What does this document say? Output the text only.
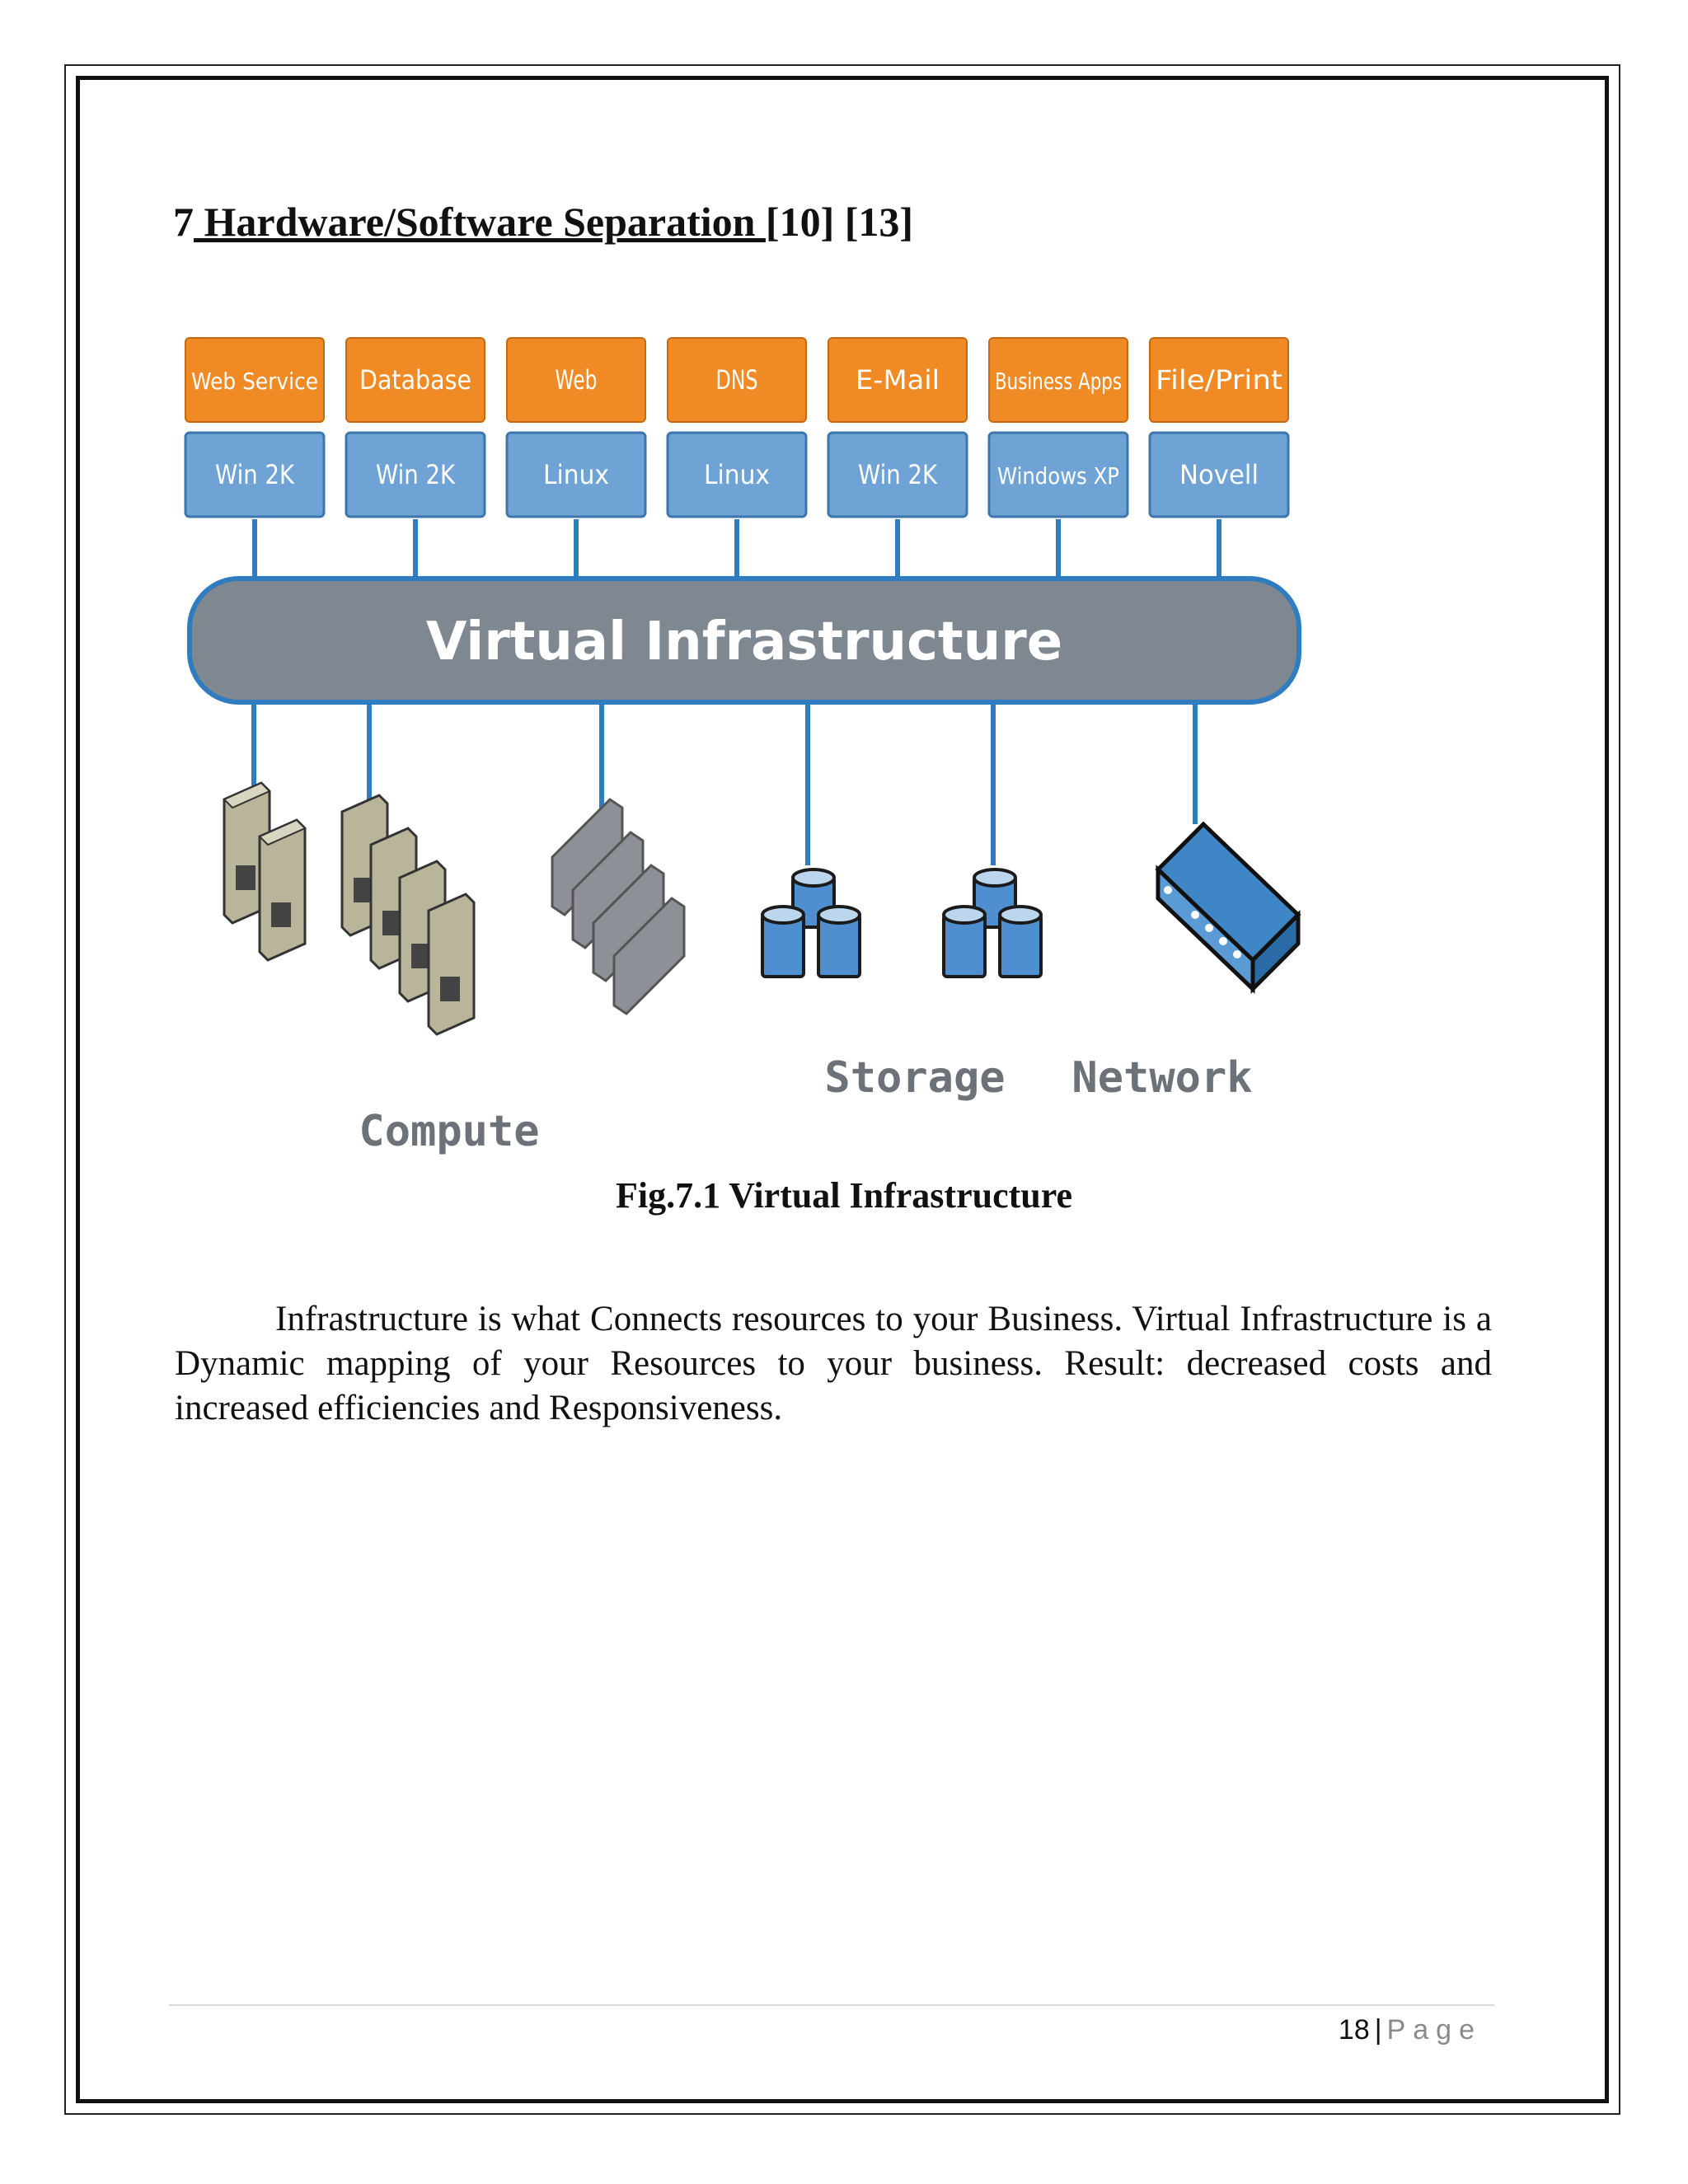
7 Hardware/Software Separation [10] [13]
Web Service
Win 2K
Database
Win 2K
Web
Linux
DNS
Linux
E-Mail
Win 2K
Business Apps
Windows XP
File/Print
Novell
Virtual Infrastructure
Compute
Storage Network
Fig.7.1 Virtual Infrastructure
Infrastructure is what Connects resources to your Business. Virtual Infrastructure is a Dynamic mapping of your Resources to your business. Result: decreased costs and increased efficiencies and Responsiveness.
18 | Page
